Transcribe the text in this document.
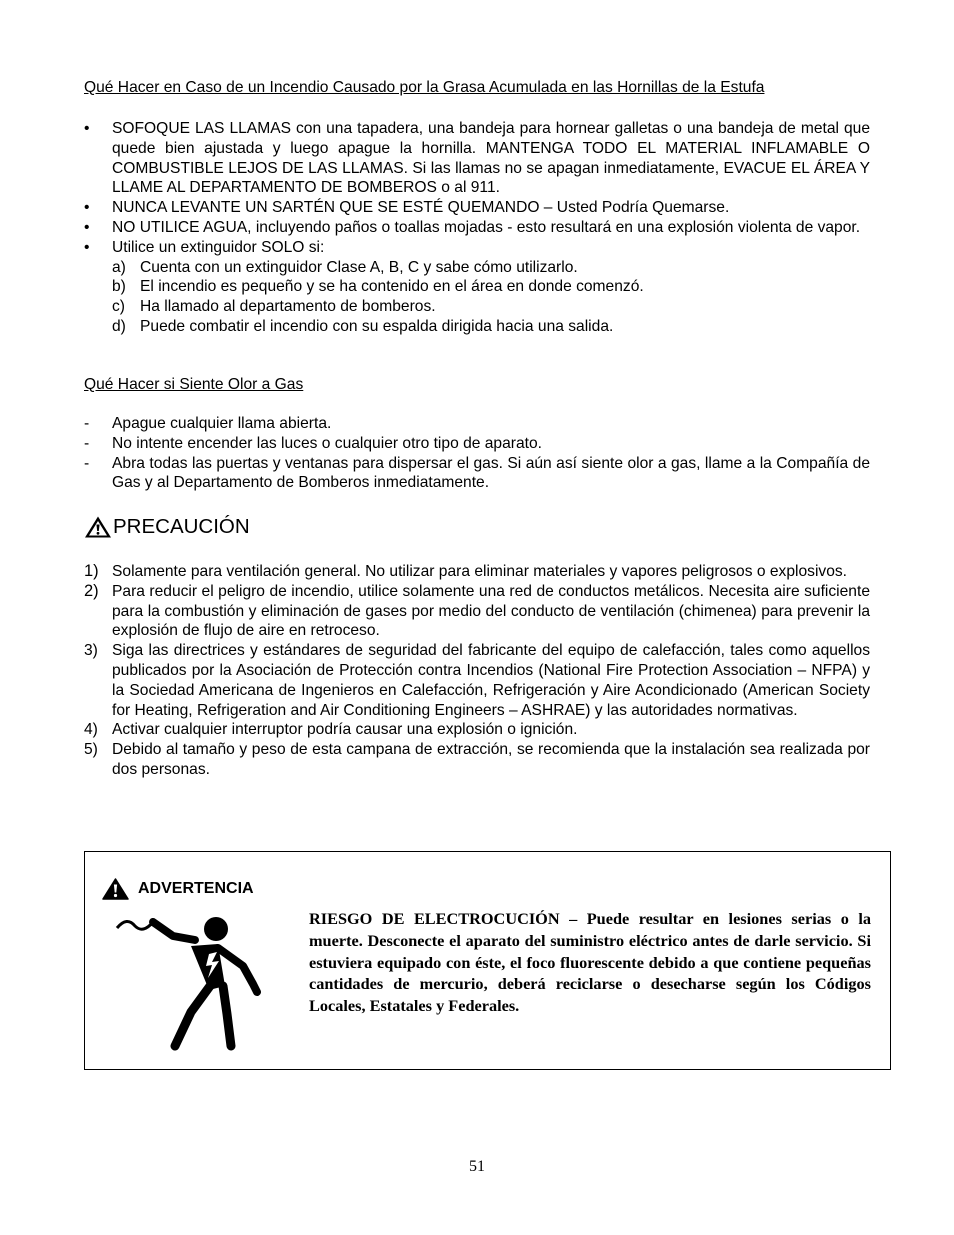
Qué Hacer en Caso de un Incendio Causado por la Grasa Acumulada en las Hornillas de la Estufa
• SOFOQUE LAS LLAMAS con una tapadera, una bandeja para hornear galletas o una bandeja de metal que quede bien ajustada y luego apague la hornilla. MANTENGA TODO EL MATERIAL INFLAMABLE O COMBUSTIBLE LEJOS DE LAS LLAMAS. Si las llamas no se apagan inmediatamente, EVACUE EL ÁREA Y LLAME AL DEPARTAMENTO DE BOMBEROS o al 911.
• NUNCA LEVANTE UN SARTÉN QUE SE ESTÉ QUEMANDO – Usted Podría Quemarse.
• NO UTILICE AGUA, incluyendo paños o toallas mojadas - esto resultará en una explosión violenta de vapor.
• Utilice un extinguidor SOLO si:
a) Cuenta con un extinguidor Clase A, B, C y sabe cómo utilizarlo.
b) El incendio es pequeño y se ha contenido en el área en donde comenzó.
c) Ha llamado al departamento de bomberos.
d) Puede combatir el incendio con su espalda dirigida hacia una salida.
Qué Hacer si Siente Olor a Gas
- Apague cualquier llama abierta.
- No intente encender las luces o cualquier otro tipo de aparato.
- Abra todas las puertas y ventanas para dispersar el gas. Si aún así siente olor a gas, llame a la Compañía de Gas y al Departamento de Bomberos inmediatamente.
PRECAUCIÓN
1) Solamente para ventilación general. No utilizar para eliminar materiales y vapores peligrosos o explosivos.
2) Para reducir el peligro de incendio, utilice solamente una red de conductos metálicos. Necesita aire suficiente para la combustión y eliminación de gases por medio del conducto de ventilación (chimenea) para prevenir la explosión de flujo de aire en retroceso.
3) Siga las directrices y estándares de seguridad del fabricante del equipo de calefacción, tales como aquellos publicados por la Asociación de Protección contra Incendios (National Fire Protection Association – NFPA) y la Sociedad Americana de Ingenieros en Calefacción, Refrigeración y Aire Acondicionado (American Society for Heating, Refrigeration and Air Conditioning Engineers – ASHRAE) y las autoridades normativas.
4) Activar cualquier interruptor podría causar una explosión o ignición.
5) Debido al tamaño y peso de esta campana de extracción, se recomienda que la instalación sea realizada por dos personas.
ADVERTENCIA
RIESGO DE ELECTROCUCIÓN – Puede resultar en lesiones serias o la muerte. Desconecte el aparato del suministro eléctrico antes de darle servicio. Si estuviera equipado con éste, el foco fluorescente debido a que contiene pequeñas cantidades de mercurio, deberá reciclarse o desecharse según los Códigos Locales, Estatales y Federales.
51
